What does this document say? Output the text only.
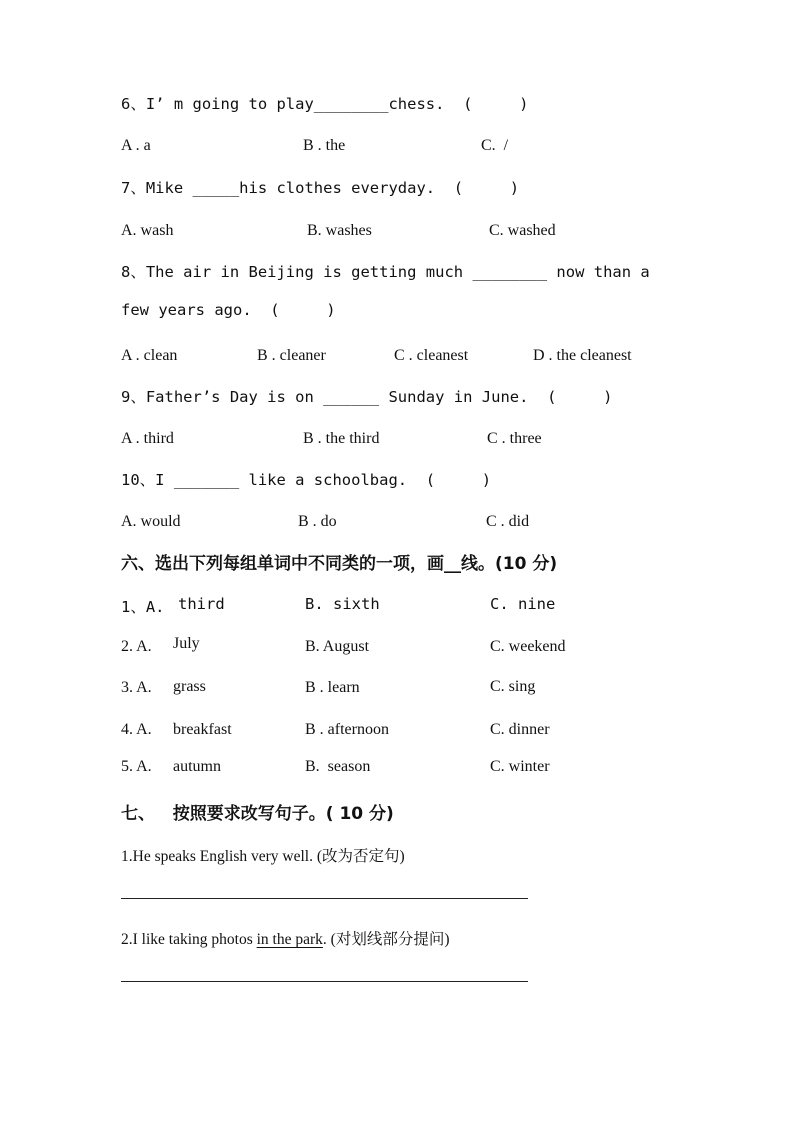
6、I’ m going to play________chess.  (     )
A . a	B . the	C.  /
7、Mike _____his clothes everyday.  (     )
A. wash	B. washes	C. washed
8、The air in Beijing is getting much ________ now than a
few years ago.  (     )
A . clean	B . cleaner	C . cleanest	D . the cleanest
9、Father’s Day is on ______ Sunday in June.  (     )
A . third	B . the third	C . three
10、I _______ like a schoolbag.  (     )
A. would	B . do	C . did
六、选出下列每组单词中不同类的一项，画__线。(10 分)
1、A. third	B. sixth	C. nine
2. A. July	B. August	C. weekend
3. A. grass	B . learn	C. sing
4. A. breakfast	B . afternoon	C. dinner
5. A. autumn	B.  season	C. winter
七、   按照要求改写句子。( 10 分)
1.He speaks English very well. (改为否定句)
2.I like taking photos in the park. (对划线部分提问)
